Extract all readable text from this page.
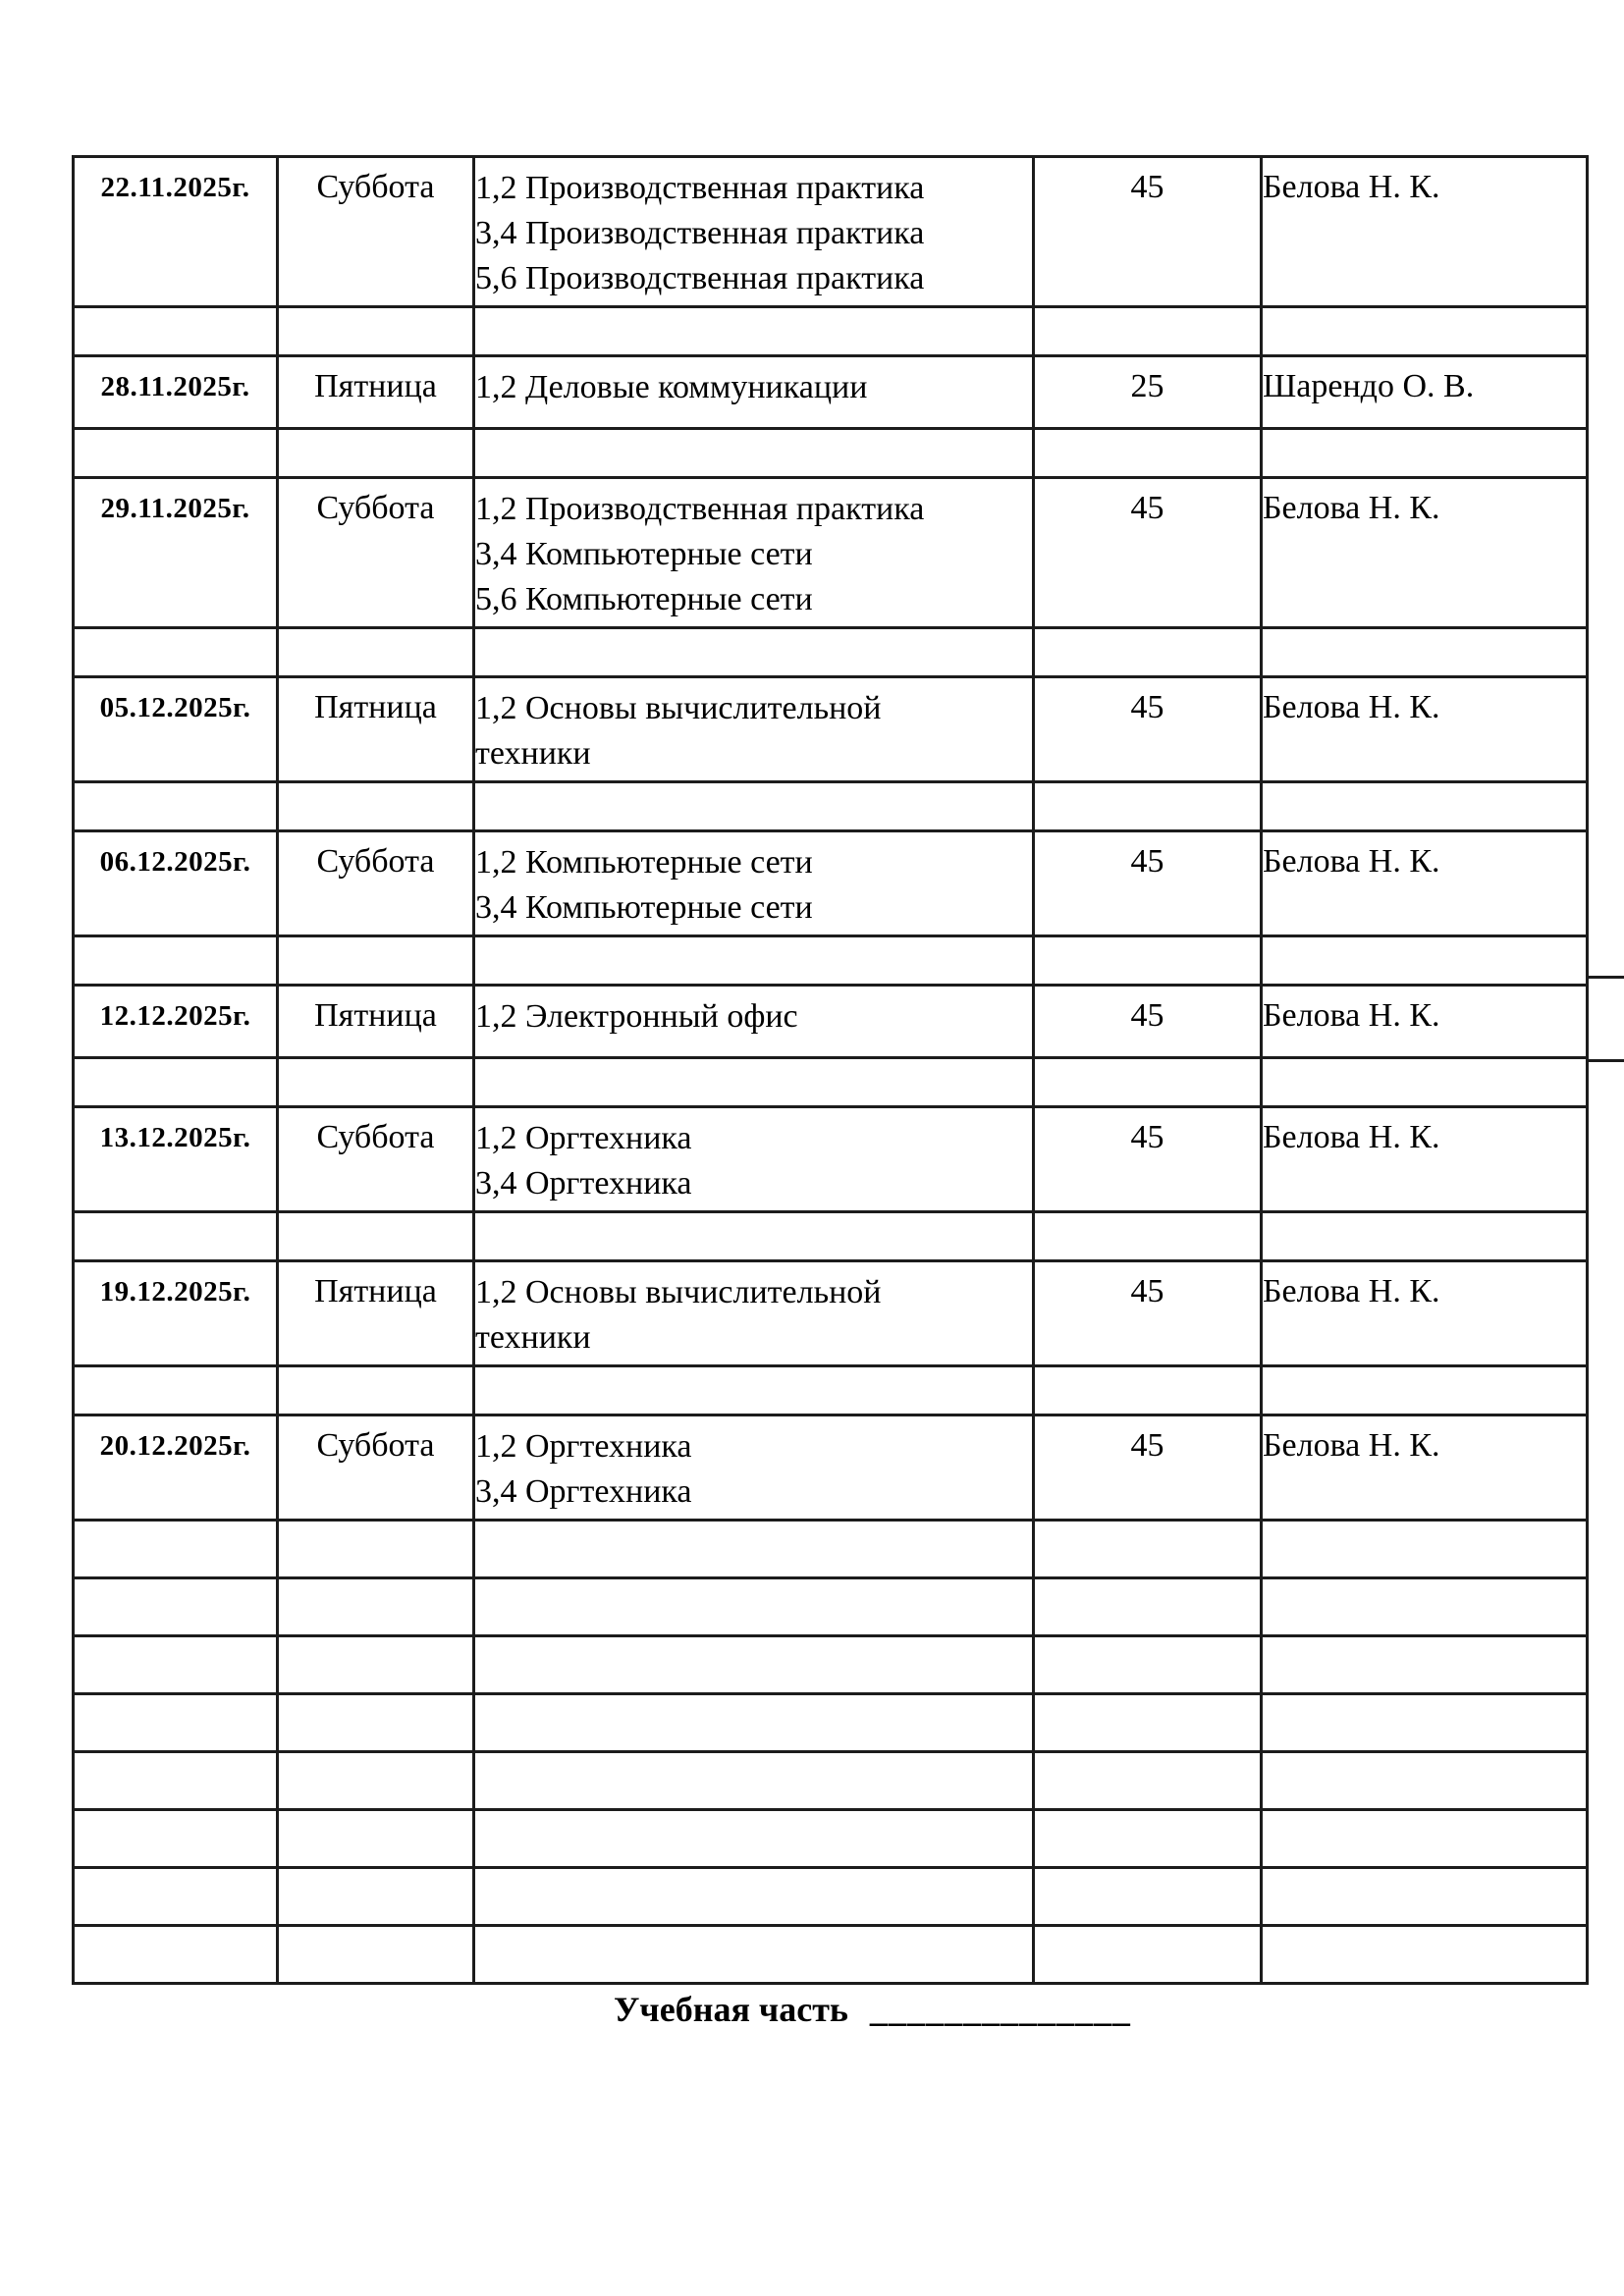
22.11.2025г.	Суббота	1,2 Производственная практика
3,4 Производственная практика
5,6 Производственная практика	45	Белова Н. К.

28.11.2025г.	Пятница	1,2 Деловые коммуникации	25	Шарендо О. В.

29.11.2025г.	Суббота	1,2 Производственная практика
3,4 Компьютерные сети
5,6 Компьютерные сети	45	Белова Н. К.

05.12.2025г.	Пятница	1,2 Основы вычислительной
техники	45	Белова Н. К.

06.12.2025г.	Суббота	1,2 Компьютерные сети
3,4 Компьютерные сети	45	Белова Н. К.

12.12.2025г.	Пятница	1,2 Электронный офис	45	Белова Н. К.

13.12.2025г.	Суббота	1,2 Оргтехника
3,4 Оргтехника	45	Белова Н. К.

19.12.2025г.	Пятница	1,2 Основы вычислительной
техники	45	Белова Н. К.

20.12.2025г.	Суббота	1,2 Оргтехника
3,4 Оргтехника	45	Белова Н. К.

Учебная часть ______________
